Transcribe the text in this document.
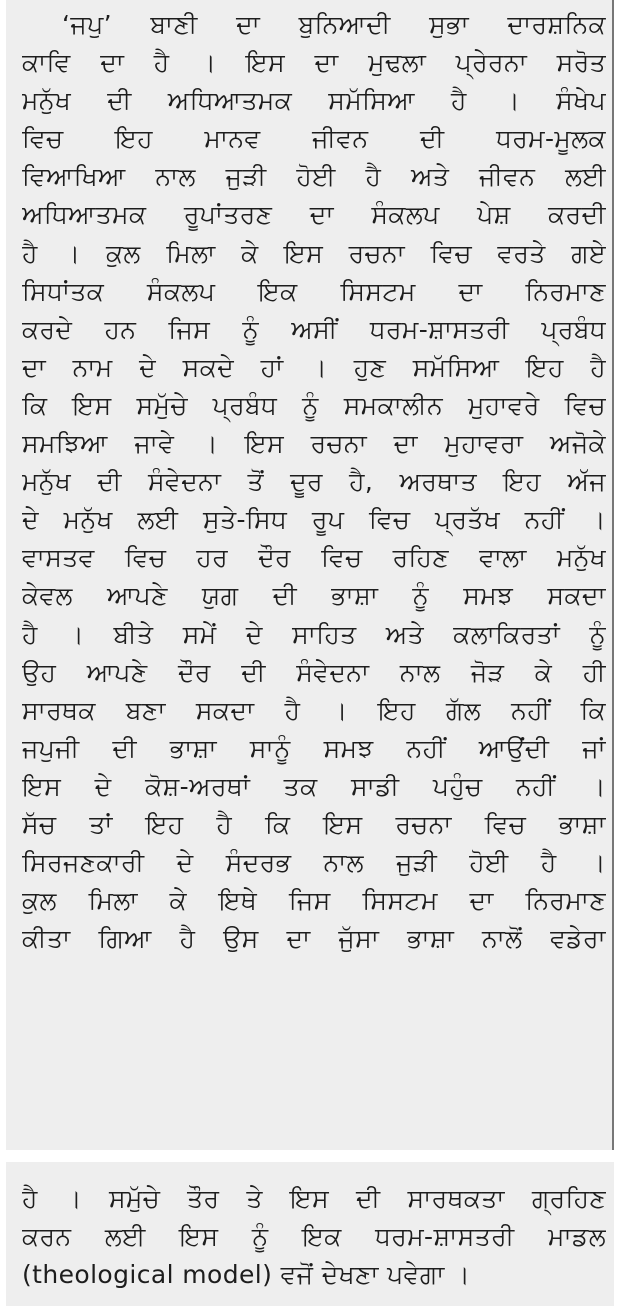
‘ਜਪੁ’ ਬਾਣੀ ਦਾ ਬੁਨਿਆਦੀ ਸੁਭਾ ਦਾਰਸ਼ਨਿਕ
ਕਾਵਿ ਦਾ ਹੈ । ਇਸ ਦਾ ਮੁਢਲਾ ਪ੍ਰੇਰਨਾ ਸਰੋਤ
ਮਨੁੱਖ ਦੀ ਅਧਿਆਤਮਕ ਸਮੱਸਿਆ ਹੈ । ਸੰਖੇਪ
ਵਿਚ ਇਹ ਮਾਨਵ ਜੀਵਨ ਦੀ ਧਰਮ-ਮੂਲਕ
ਵਿਆਖਿਆ ਨਾਲ ਜੁੜੀ ਹੋਈ ਹੈ ਅਤੇ ਜੀਵਨ ਲਈ
ਅਧਿਆਤਮਕ ਰੂਪਾਂਤਰਣ ਦਾ ਸੰਕਲਪ ਪੇਸ਼ ਕਰਦੀ
ਹੈ । ਕੁਲ ਮਿਲਾ ਕੇ ਇਸ ਰਚਨਾ ਵਿਚ ਵਰਤੇ ਗਏ
ਸਿਧਾਂਤਕ ਸੰਕਲਪ ਇਕ ਸਿਸਟਮ ਦਾ ਨਿਰਮਾਣ
ਕਰਦੇ ਹਨ ਜਿਸ ਨੂੰ ਅਸੀਂ ਧਰਮ-ਸ਼ਾਸਤਰੀ ਪ੍ਰਬੰਧ
ਦਾ ਨਾਮ ਦੇ ਸਕਦੇ ਹਾਂ । ਹੁਣ ਸਮੱਸਿਆ ਇਹ ਹੈ
ਕਿ ਇਸ ਸਮੁੱਚੇ ਪ੍ਰਬੰਧ ਨੂੰ ਸਮਕਾਲੀਨ ਮੁਹਾਵਰੇ ਵਿਚ
ਸਮਝਿਆ ਜਾਵੇ । ਇਸ ਰਚਨਾ ਦਾ ਮੁਹਾਵਰਾ ਅਜੋਕੇ
ਮਨੁੱਖ ਦੀ ਸੰਵੇਦਨਾ ਤੋਂ ਦੂਰ ਹੈ, ਅਰਥਾਤ ਇਹ ਅੱਜ
ਦੇ ਮਨੁੱਖ ਲਈ ਸੁਤੇ-ਸਿਧ ਰੂਪ ਵਿਚ ਪ੍ਰਤੱਖ ਨਹੀਂ ।
ਵਾਸਤਵ ਵਿਚ ਹਰ ਦੌਰ ਵਿਚ ਰਹਿਣ ਵਾਲਾ ਮਨੁੱਖ
ਕੇਵਲ ਆਪਣੇ ਯੁਗ ਦੀ ਭਾਸ਼ਾ ਨੂੰ ਸਮਝ ਸਕਦਾ
ਹੈ । ਬੀਤੇ ਸਮੇਂ ਦੇ ਸਾਹਿਤ ਅਤੇ ਕਲਾਕਿਰਤਾਂ ਨੂੰ
ਉਹ ਆਪਣੇ ਦੌਰ ਦੀ ਸੰਵੇਦਨਾ ਨਾਲ ਜੋੜ ਕੇ ਹੀ
ਸਾਰਥਕ ਬਣਾ ਸਕਦਾ ਹੈ । ਇਹ ਗੱਲ ਨਹੀਂ ਕਿ
ਜਪੁਜੀ ਦੀ ਭਾਸ਼ਾ ਸਾਨੂੰ ਸਮਝ ਨਹੀਂ ਆਉਂਦੀ ਜਾਂ
ਇਸ ਦੇ ਕੋਸ਼-ਅਰਥਾਂ ਤਕ ਸਾਡੀ ਪਹੁੰਚ ਨਹੀਂ ।
ਸੱਚ ਤਾਂ ਇਹ ਹੈ ਕਿ ਇਸ ਰਚਨਾ ਵਿਚ ਭਾਸ਼ਾ
ਸਿਰਜਣਕਾਰੀ ਦੇ ਸੰਦਰਭ ਨਾਲ ਜੁੜੀ ਹੋਈ ਹੈ ।
ਕੁਲ ਮਿਲਾ ਕੇ ਇਥੇ ਜਿਸ ਸਿਸਟਮ ਦਾ ਨਿਰਮਾਣ
ਕੀਤਾ ਗਿਆ ਹੈ ਉਸ ਦਾ ਜੁੱਸਾ ਭਾਸ਼ਾ ਨਾਲੋਂ ਵਡੇਰਾ
ਹੈ । ਸਮੁੱਚੇ ਤੌਰ ਤੇ ਇਸ ਦੀ ਸਾਰਥਕਤਾ ਗ੍ਰਹਿਣ
ਕਰਨ ਲਈ ਇਸ ਨੂੰ ਇਕ ਧਰਮ-ਸ਼ਾਸਤਰੀ ਮਾਡਲ
(theological model) ਵਜੋਂ ਦੇਖਣਾ ਪਵੇਗਾ ।
